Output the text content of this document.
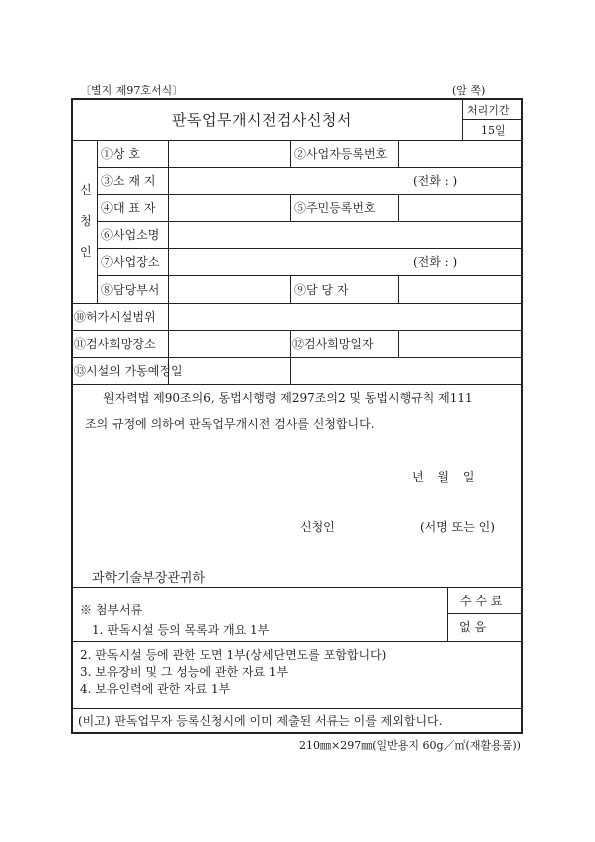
〔별지 제97호서식〕	(앞 쪽)
판독업무개시전검사신청서
처리기간
15일
신
청
인
①상 호	②사업자등록번호
③소 재 지	(전화 : )
④대 표 자	⑤주민등록번호
⑥사업소명
⑦사업장소	(전화 : )
⑧담당부서	⑨담 당 자
⑩허가시설범위
⑪검사희망장소	⑫검사희망일자
⑬시설의 가동예정일
원자력법 제90조의6, 동법시행령 제297조의2 및 동법시행규칙 제111
조의 규정에 의하여 판독업무개시전 검사를 신청합니다.
년 월 일
신청인	(서명 또는 인)
과학기술부장관귀하
※ 첨부서류
1. 판독시설 등의 목록과 개요 1부
2. 판독시설 등에 관한 도면 1부(상세단면도를 포함합니다)
3. 보유장비 및 그 성능에 관한 자료 1부
4. 보유인력에 관한 자료 1부
수 수 료
없 음
(비고) 판독업무자 등록신청시에 이미 제출된 서류는 이를 제외합니다.
210㎜×297㎜(일반용지 60g／㎡(재활용품))
